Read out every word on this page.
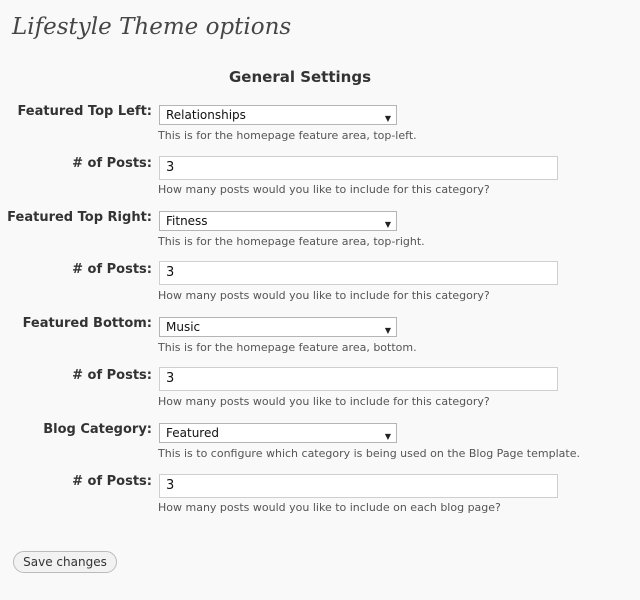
Lifestyle Theme options
General Settings
Featured Top Left:	Relationships	▼
This is for the homepage feature area, top-left.
# of Posts:	3
How many posts would you like to include for this category?
Featured Top Right:	Fitness	▼
This is for the homepage feature area, top-right.
# of Posts:	3
How many posts would you like to include for this category?
Featured Bottom:	Music	▼
This is for the homepage feature area, bottom.
# of Posts:	3
How many posts would you like to include for this category?
Blog Category:	Featured	▼
This is to configure which category is being used on the Blog Page template.
# of Posts:	3
How many posts would you like to include on each blog page?
Save changes
